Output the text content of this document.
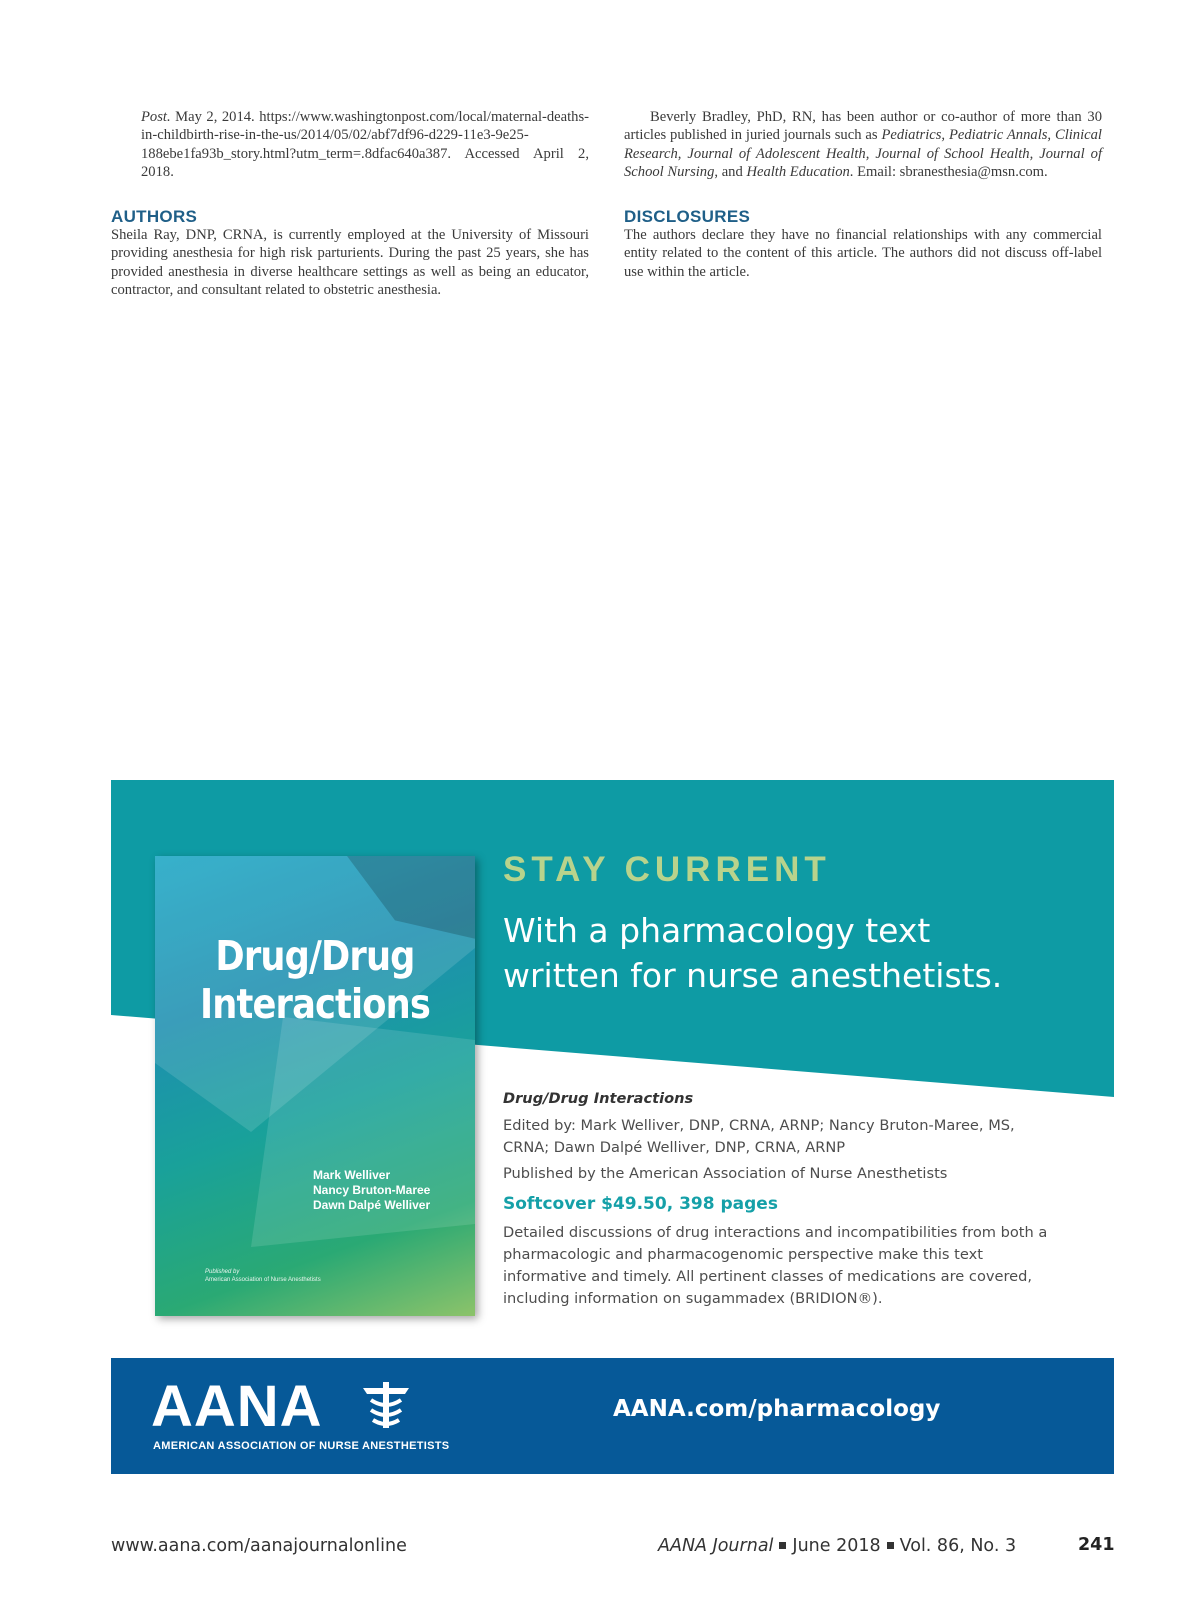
Post. May 2, 2014. https://www.washingtonpost.com/local/maternal-deaths-in-childbirth-rise-in-the-us/2014/05/02/abf7df96-d229-11e3-9e25-188ebe1fa93b_story.html?utm_term=.8dfac640a387. Accessed April 2, 2018.
AUTHORS
Sheila Ray, DNP, CRNA, is currently employed at the University of Missouri providing anesthesia for high risk parturients. During the past 25 years, she has provided anesthesia in diverse healthcare settings as well as being an educator, contractor, and consultant related to obstetric anesthesia.
Beverly Bradley, PhD, RN, has been author or co-author of more than 30 articles published in juried journals such as Pediatrics, Pediatric Annals, Clinical Research, Journal of Adolescent Health, Journal of School Health, Journal of School Nursing, and Health Education. Email: sbranesthesia@msn.com.
DISCLOSURES
The authors declare they have no financial relationships with any commercial entity related to the content of this article. The authors did not discuss off-label use within the article.
Drug/Drug
Interactions
Mark Welliver
Nancy Bruton-Maree
Dawn Dalpé Welliver
Published by
American Association of Nurse Anesthetists
STAY CURRENT
With a pharmacology text
written for nurse anesthetists.
Drug/Drug Interactions
Edited by: Mark Welliver, DNP, CRNA, ARNP; Nancy Bruton-Maree, MS, CRNA; Dawn Dalpé Welliver, DNP, CRNA, ARNP
Published by the American Association of Nurse Anesthetists
Softcover $49.50, 398 pages
Detailed discussions of drug interactions and incompatibilities from both a pharmacologic and pharmacogenomic perspective make this text informative and timely. All pertinent classes of medications are covered, including information on sugammadex (BRIDION®).
AANA
AMERICAN ASSOCIATION OF NURSE ANESTHETISTS
AANA.com/pharmacology
www.aana.com/aanajournalonline	AANA Journal June 2018 Vol. 86, No. 3	241
